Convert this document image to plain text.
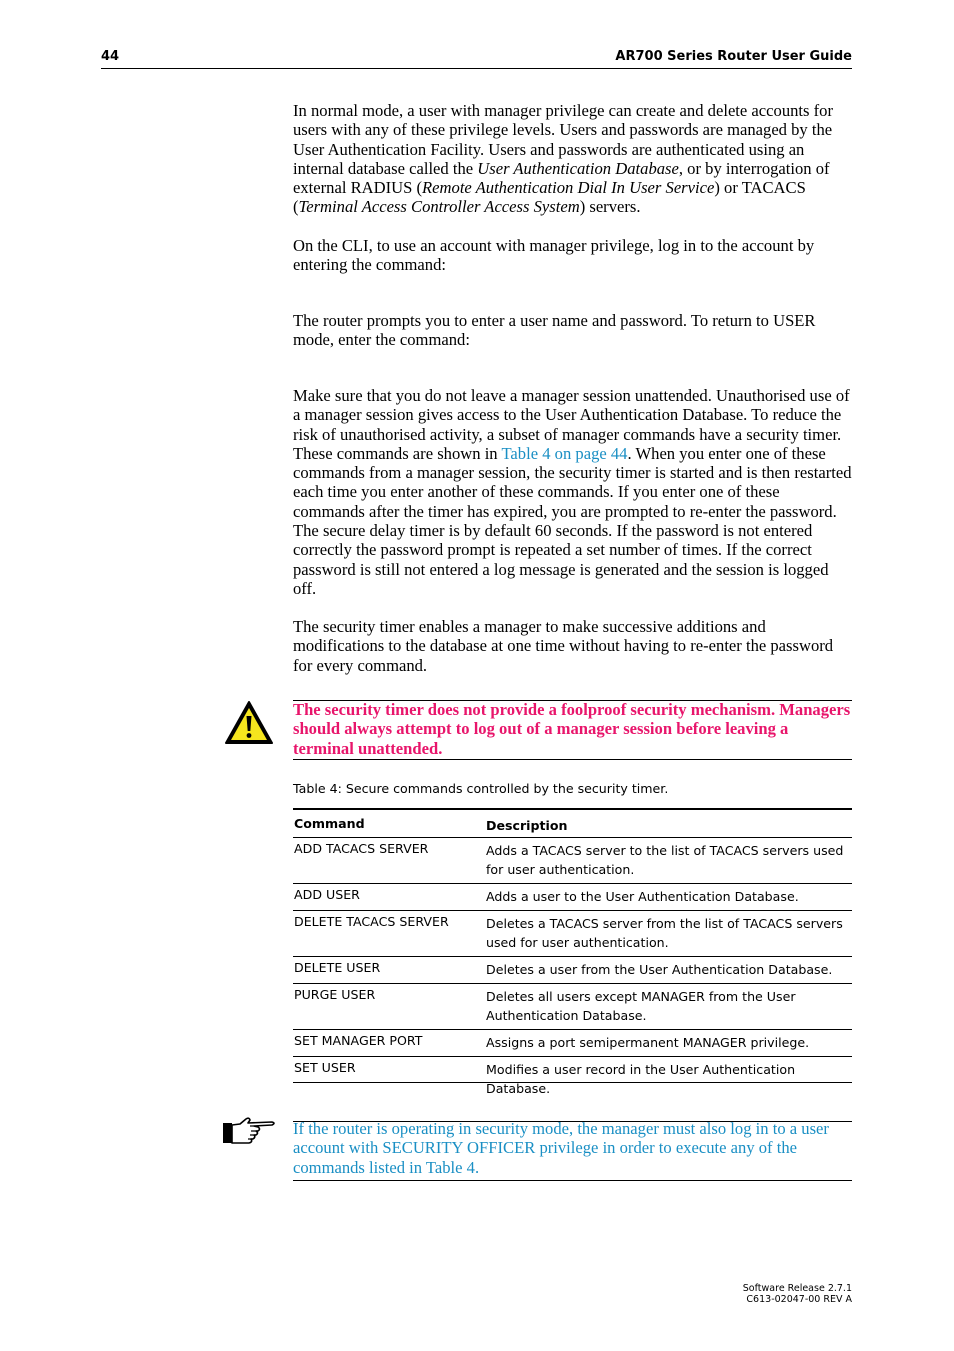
44	AR700 Series Router User Guide
In normal mode, a user with manager privilege can create and delete accounts for users with any of these privilege levels. Users and passwords are managed by the User Authentication Facility. Users and passwords are authenticated using an internal database called the User Authentication Database, or by interrogation of external RADIUS (Remote Authentication Dial In User Service) or TACACS (Terminal Access Controller Access System) servers.
On the CLI, to use an account with manager privilege, log in to the account by entering the command:
The router prompts you to enter a user name and password. To return to USER mode, enter the command:
Make sure that you do not leave a manager session unattended. Unauthorised use of a manager session gives access to the User Authentication Database. To reduce the risk of unauthorised activity, a subset of manager commands have a security timer. These commands are shown in Table 4 on page 44. When you enter one of these commands from a manager session, the security timer is started and is then restarted each time you enter another of these commands. If you enter one of these commands after the timer has expired, you are prompted to re-enter the password. The secure delay timer is by default 60 seconds. If the password is not entered correctly the password prompt is repeated a set number of times. If the correct password is still not entered a log message is generated and the session is logged off.
The security timer enables a manager to make successive additions and modifications to the database at one time without having to re-enter the password for every command.
The security timer does not provide a foolproof security mechanism. Managers should always attempt to log out of a manager session before leaving a terminal unattended.
Table 4: Secure commands controlled by the security timer.
Command	Description
ADD TACACS SERVER	Adds a TACACS server to the list of TACACS servers used for user authentication.
ADD USER	Adds a user to the User Authentication Database.
DELETE TACACS SERVER	Deletes a TACACS server from the list of TACACS servers used for user authentication.
DELETE USER	Deletes a user from the User Authentication Database.
PURGE USER	Deletes all users except MANAGER from the User Authentication Database.
SET MANAGER PORT	Assigns a port semipermanent MANAGER privilege.
SET USER	Modifies a user record in the User Authentication Database.
If the router is operating in security mode, the manager must also log in to a user account with SECURITY OFFICER privilege in order to execute any of the commands listed in Table 4.
Software Release 2.7.1
C613-02047-00 REV A
